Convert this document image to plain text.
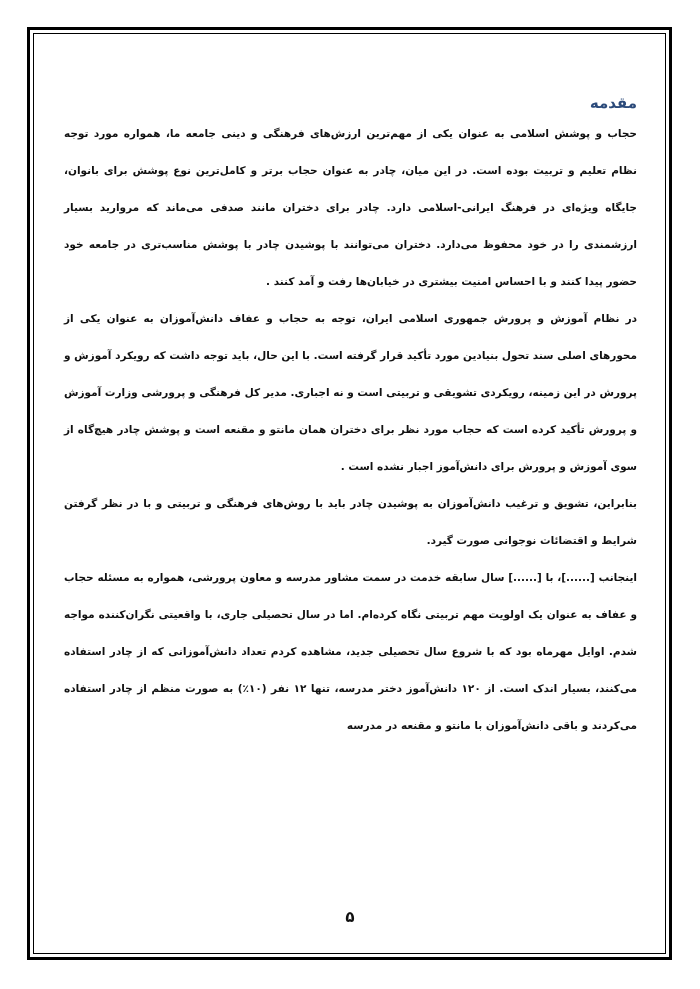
مقدمه

حجاب و پوشش اسلامی به عنوان یکی از مهم‌ترین ارزش‌های فرهنگی و دینی جامعه ما، همواره مورد توجه نظام تعلیم و تربیت بوده است. در این میان، چادر به عنوان حجاب برتر و کامل‌ترین نوع پوشش برای بانوان، جایگاه ویژه‌ای در فرهنگ ایرانی-اسلامی دارد. چادر برای دختران مانند صدفی می‌ماند که مروارید بسیار ارزشمندی را در خود محفوظ می‌دارد. دختران می‌توانند با پوشیدن چادر با پوشش مناسب‌تری در جامعه خود حضور پیدا کنند و با احساس امنیت بیشتری در خیابان‌ها رفت و آمد کنند .

در نظام آموزش و پرورش جمهوری اسلامی ایران، توجه به حجاب و عفاف دانش‌آموزان به عنوان یکی از محورهای اصلی سند تحول بنیادین مورد تأکید قرار گرفته است. با این حال، باید توجه داشت که رویکرد آموزش و پرورش در این زمینه، رویکردی تشویقی و تربیتی است و نه اجباری. مدیر کل فرهنگی و پرورشی وزارت آموزش و پرورش تأکید کرده است که حجاب مورد نظر برای دختران همان مانتو و مقنعه است و پوشش چادر هیچ‌گاه از سوی آموزش و پرورش برای دانش‌آموز اجبار نشده است .

بنابراین، تشویق و ترغیب دانش‌آموزان به پوشیدن چادر باید با روش‌های فرهنگی و تربیتی و با در نظر گرفتن شرایط و اقتضائات نوجوانی صورت گیرد.

اینجانب [......]، با [......] سال سابقه خدمت در سمت مشاور مدرسه و معاون پرورشی، همواره به مسئله حجاب و عفاف به عنوان یک اولویت مهم تربیتی نگاه کرده‌ام. اما در سال تحصیلی جاری، با واقعیتی نگران‌کننده مواجه شدم. اوایل مهرماه بود که با شروع سال تحصیلی جدید، مشاهده کردم تعداد دانش‌آموزانی که از چادر استفاده می‌کنند، بسیار اندک است. از ۱۲۰ دانش‌آموز دختر مدرسه، تنها ۱۲ نفر (۱۰٪) به صورت منظم از چادر استفاده می‌کردند و باقی دانش‌آموزان با مانتو و مقنعه در مدرسه

۵
